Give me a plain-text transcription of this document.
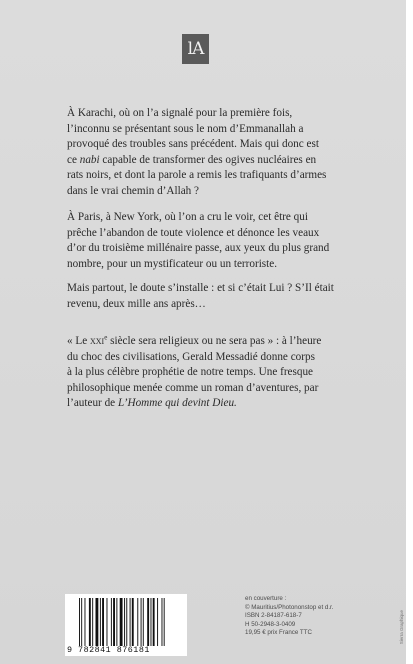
lA
À Karachi, où on l’a signalé pour la première fois,
l’inconnu se présentant sous le nom d’Emmanallah a
provoqué des troubles sans précédent. Mais qui donc est
ce nabi capable de transformer des ogives nucléaires en
rats noirs, et dont la parole a remis les trafiquants d’armes
dans le vrai chemin d’Allah ?
À Paris, à New York, où l’on a cru le voir, cet être qui
prêche l’abandon de toute violence et dénonce les veaux
d’or du troisième millénaire passe, aux yeux du plus grand
nombre, pour un mystificateur ou un terroriste.
Mais partout, le doute s’installe : et si c’était Lui ? S’Il était
revenu, deux mille ans après…
« Le xxi$^e$ siècle sera religieux ou ne sera pas » : à l’heure
du choc des civilisations, Gerald Messadié donne corps
à la plus célèbre prophétie de notre temps. Une fresque
philosophique menée comme un roman d’aventures, par
l’auteur de L’Homme qui devint Dieu.
9 782841 876181
en couverture :
© Mauritius/Photononstop et d.r.
ISBN 2-84187-618-7
H 50-2948-3-0409
19,95 € prix France TTC	Sierra Graphique
